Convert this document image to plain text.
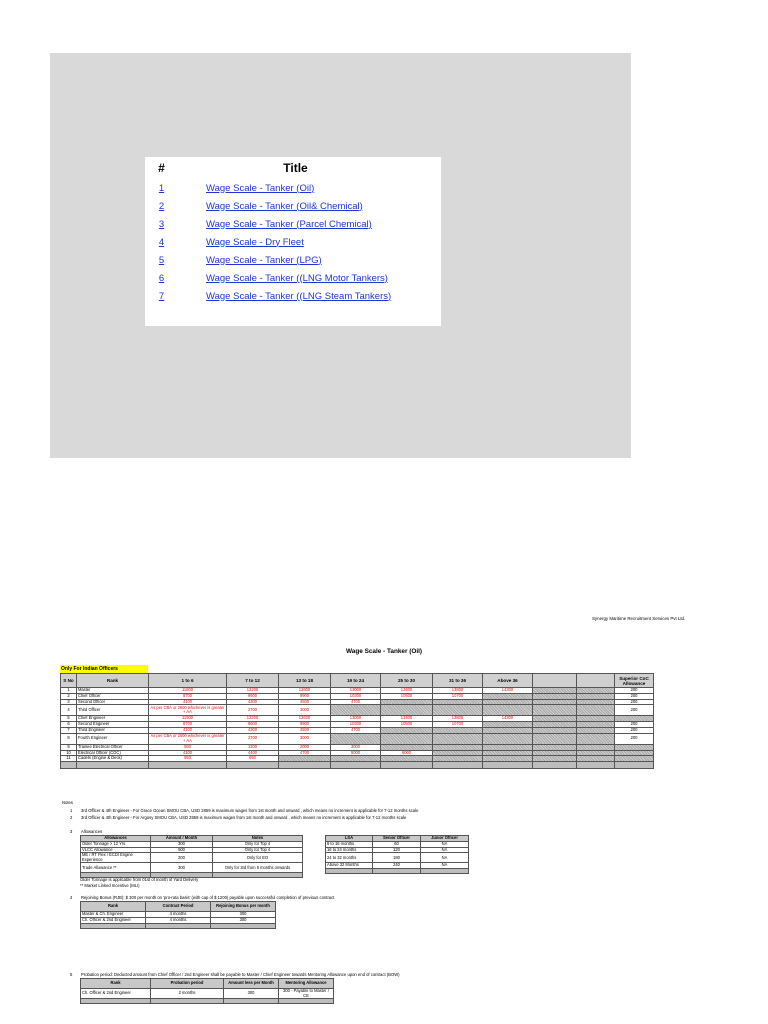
#	Title
1	Wage Scale - Tanker (Oil)
2	Wage Scale - Tanker (Oil& Chemical)
3	Wage Scale - Tanker (Parcel Chemical)
4	Wage Scale - Dry Fleet
5	Wage Scale - Tanker (LPG)
6	Wage Scale - Tanker ((LNG Motor Tankers)
7	Wage Scale - Tanker ((LNG Steam Tankers)
Synergy Maritime Recruitment Services Pvt Ltd.
Wage Scale - Tanker (Oil)
Only For Indian Officers
S No	Rank	1 to 6	7 to 12	13 to 18	19 to 24	25 to 30	31 to 36	Above 36			Superior CoC Allowance
1	Master	11800	12200	12600	13000	13400	13800	14300			200
2	Chief Officer	8700	9600	9900	10300	10500	10700				200
3	Second Officer	4100	4300	4500	4700						200
4	Third Officer	As per CBA or 2600 whichever is greater + AA	2700	3000							200
5	Chief Engineer	11800	12200	12600	13000	13400	13800	14300			
6	Second Engineer	8700	9600	9900	10300	10500	10700				200
7	Third Engineer	4100	4300	4500	4700						200
8	Fourth Engineer	As per CBA or 2600 whichever is greater + AA	2700	3000							200
9	Trainee Electrical Officer	550	1200	2000	3000						
10	Electrical Officer (COC)	4100	4400	4700	5000	6000					
11	Cadets (Engine & Deck)	550	650								

Notes
1 3rd Officer & 4th Engineer - For Grace Ocean SMOU CBA, USD 2859 is maximum wages from 1st month and onward , which means no increment is applicable for 7-12 months scale
2 3rd Officer & 4th Engineer - For Argosy SMOU CBA, USD 2859 is maximum wages from 1st month and onward , which means no increment is applicable for 7-12 months scale
3 Allowances
Allowances	Amount / Month	Notes
Older Tonnage > 12 Yrs.	300	Only for Top 4
VLCC Allowance	500	Only for Top 4
ME / RT Flex / ECDI Engine Experience	200	Only for EO
Trade Allowance **	300	Only for 3rd from 6 months onwards

LSA	Senior Officer	Junior Officer
8 to 16 months	60	NA
16 to 24 months	120	NA
24 to 32 months	180	NA
Above 32 Months	240	NA

Older Tonnage is applicable from 01st of month of Yard Delivery
** Market Linked Incentive (MLI)
4 Rejoining Bonus (RJB): $ 300 per month on 'pro-rata basis' (with cap of $ 1200) payable upon successful completion of previous contract
Rank	Contract Period	Rejoining Bonus per month
Master & Ch. Engineer	4 months	300
Ch. Officer & 2nd Engineer	4 months	300

5 Probation period: Deducted amount from Chief Officer / 2nd Engineer shall be payable to Master / Chief Engineer towards Mentoring Allowance upon end of contract (BOW)
Rank	Probation period	Amount less per Month	Mentoring Allowance
Ch. Officer & 2nd Engineer	2 months	300	300 - Payable to Master / CE
